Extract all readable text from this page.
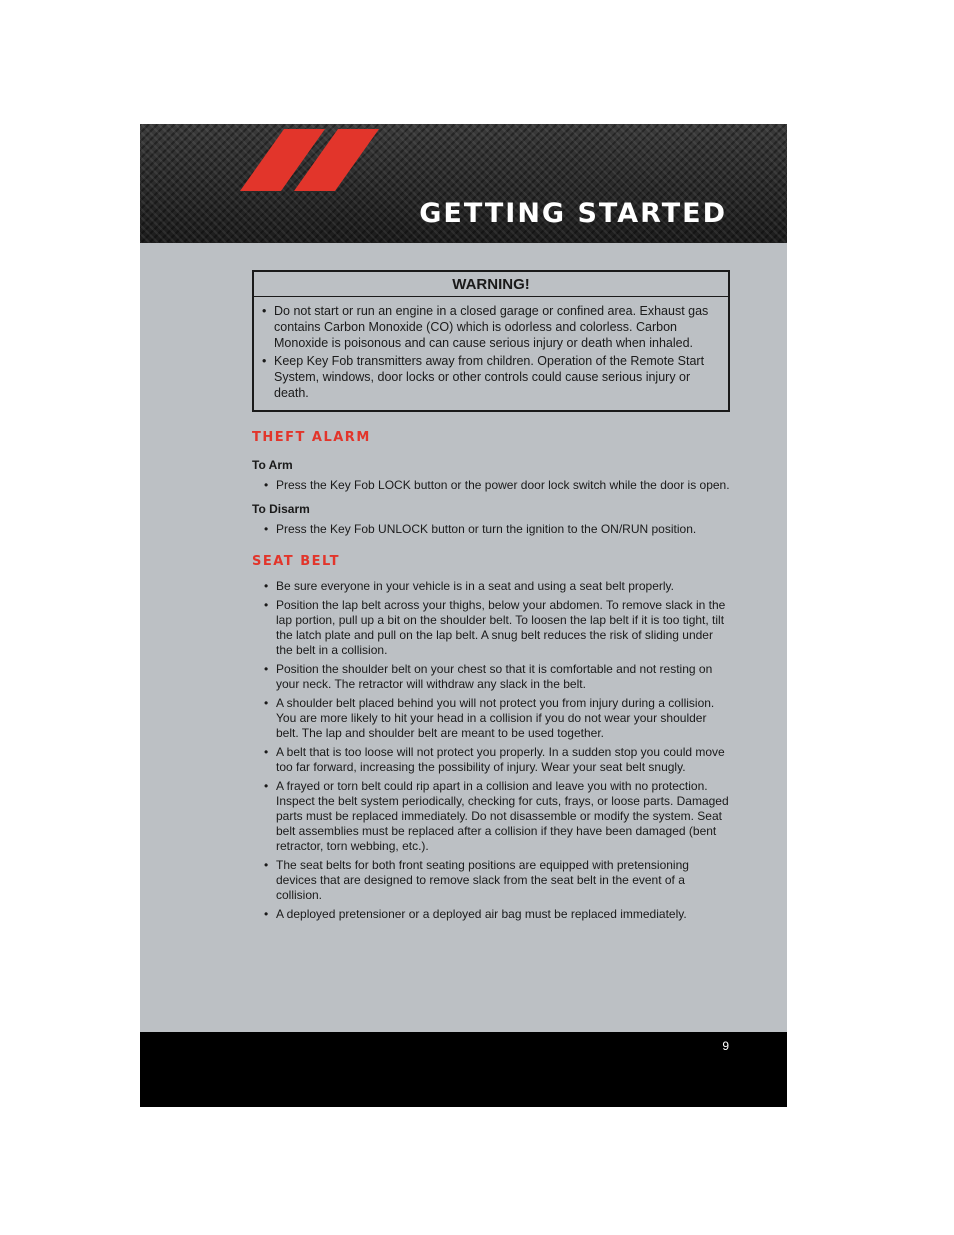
GETTING STARTED
WARNING!
• Do not start or run an engine in a closed garage or confined area. Exhaust gas contains Carbon Monoxide (CO) which is odorless and colorless. Carbon Monoxide is poisonous and can cause serious injury or death when inhaled.
• Keep Key Fob transmitters away from children. Operation of the Remote Start System, windows, door locks or other controls could cause serious injury or death.
THEFT ALARM
To Arm
• Press the Key Fob LOCK button or the power door lock switch while the door is open.
To Disarm
• Press the Key Fob UNLOCK button or turn the ignition to the ON/RUN position.
SEAT BELT
• Be sure everyone in your vehicle is in a seat and using a seat belt properly.
• Position the lap belt across your thighs, below your abdomen. To remove slack in the lap portion, pull up a bit on the shoulder belt. To loosen the lap belt if it is too tight, tilt the latch plate and pull on the lap belt. A snug belt reduces the risk of sliding under the belt in a collision.
• Position the shoulder belt on your chest so that it is comfortable and not resting on your neck. The retractor will withdraw any slack in the belt.
• A shoulder belt placed behind you will not protect you from injury during a collision. You are more likely to hit your head in a collision if you do not wear your shoulder belt. The lap and shoulder belt are meant to be used together.
• A belt that is too loose will not protect you properly. In a sudden stop you could move too far forward, increasing the possibility of injury. Wear your seat belt snugly.
• A frayed or torn belt could rip apart in a collision and leave you with no protection. Inspect the belt system periodically, checking for cuts, frays, or loose parts. Damaged parts must be replaced immediately. Do not disassemble or modify the system. Seat belt assemblies must be replaced after a collision if they have been damaged (bent retractor, torn webbing, etc.).
• The seat belts for both front seating positions are equipped with pretensioning devices that are designed to remove slack from the seat belt in the event of a collision.
• A deployed pretensioner or a deployed air bag must be replaced immediately.
9
